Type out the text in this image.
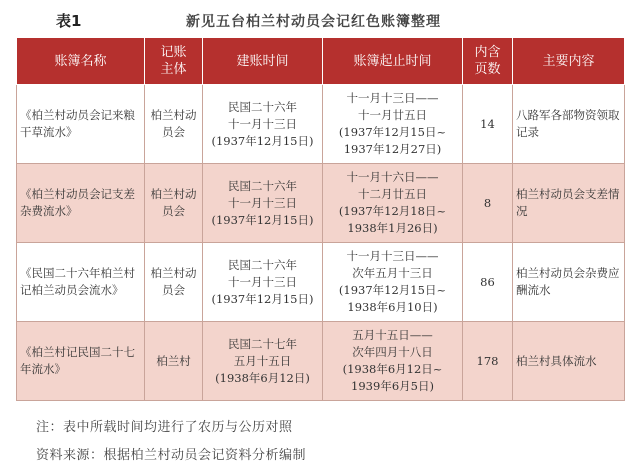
表1	新见五台柏兰村动员会记红色账簿整理
账簿名称	记账
主体	建账时间	账簿起止时间	内含
页数	主要内容

《柏兰村动员会记来粮干草流水》	柏兰村动员会	民国二十六年
十一月十三日
(1937年12月15日)	十一月十三日——
十一月廿五日
(1937年12月15日~
1937年12月27日)	14	八路军各部物资领取记录
《柏兰村动员会记支差杂费流水》	柏兰村动员会	民国二十六年
十一月十三日
(1937年12月15日)	十一月十六日——
十二月廿五日
(1937年12月18日~
1938年1月26日)	8	柏兰村动员会支差情况
《民国二十六年柏兰村记柏兰动员会流水》	柏兰村动员会	民国二十六年
十一月十三日
(1937年12月15日)	十一月十三日——
次年五月十三日
(1937年12月15日~
1938年6月10日)	86	柏兰村动员会杂费应酬流水
《柏兰村记民国二十七年流水》	柏兰村	民国二十七年
五月十五日
(1938年6月12日)	五月十五日——
次年四月十八日
(1938年6月12日~
1939年6月5日)	178	柏兰村具体流水
注：表中所载时间均进行了农历与公历对照
资料来源：根据柏兰村动员会记资料分析编制
